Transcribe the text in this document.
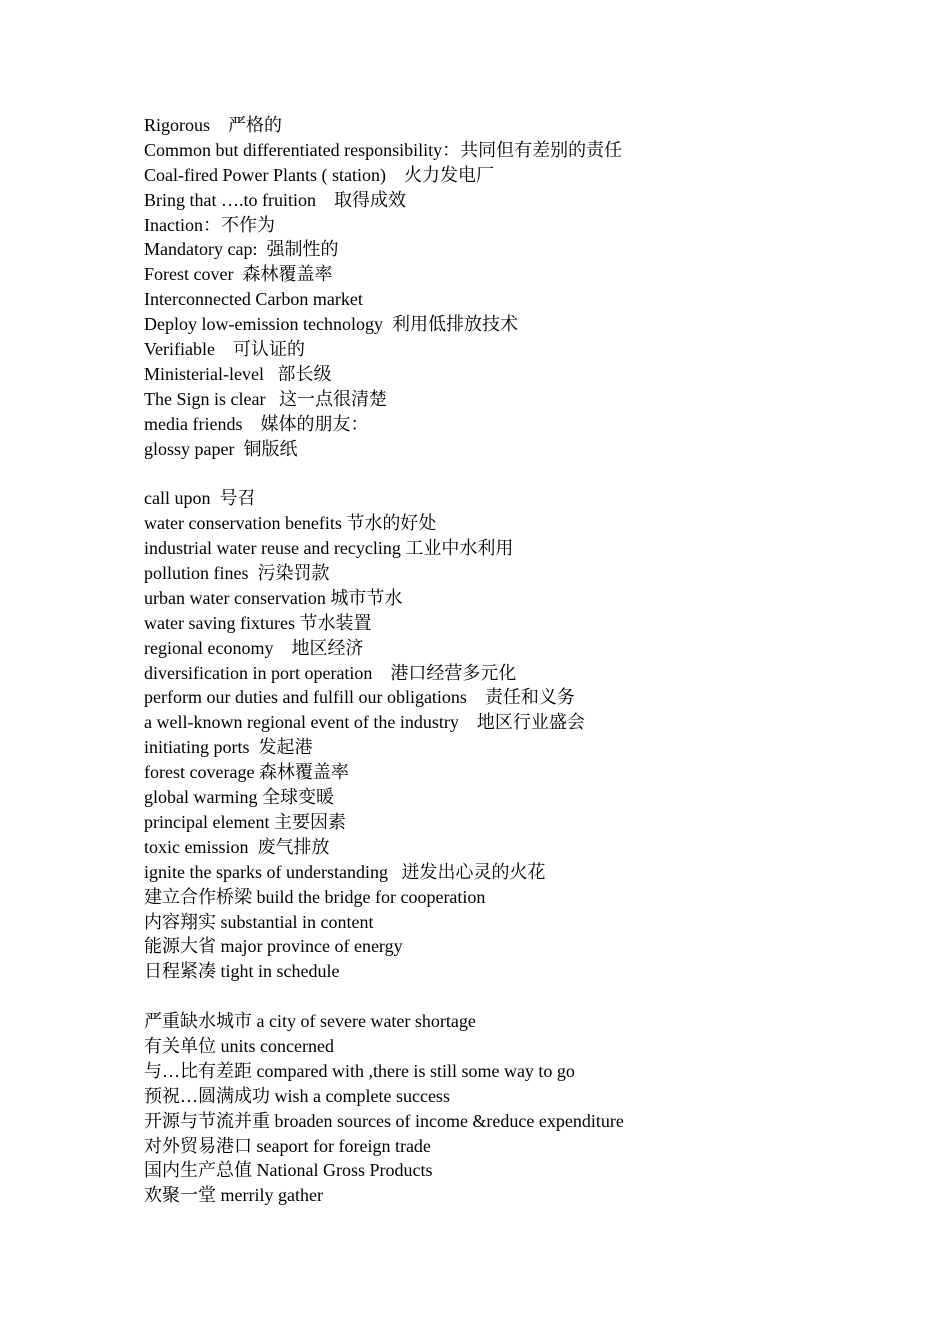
Rigorous    严格的
Common but differentiated responsibility：共同但有差别的责任
Coal-fired Power Plants ( station)    火力发电厂
Bring that ….to fruition    取得成效
Inaction：不作为
Mandatory cap:  强制性的
Forest cover  森林覆盖率
Interconnected Carbon market
Deploy low-emission technology  利用低排放技术
Verifiable    可认证的
Ministerial-level   部长级
The Sign is clear   这一点很清楚
media friends    媒体的朋友：
glossy paper  铜版纸
call upon  号召
water conservation benefits 节水的好处
industrial water reuse and recycling 工业中水利用
pollution fines  污染罚款
urban water conservation 城市节水
water saving fixtures 节水装置
regional economy    地区经济
diversification in port operation    港口经营多元化
perform our duties and fulfill our obligations    责任和义务
a well-known regional event of the industry    地区行业盛会
initiating ports  发起港
forest coverage 森林覆盖率
global warming 全球变暖
principal element 主要因素
toxic emission  废气排放
ignite the sparks of understanding   迸发出心灵的火花
建立合作桥梁 build the bridge for cooperation
内容翔实 substantial in content
能源大省 major province of energy
日程紧凑 tight in schedule
严重缺水城市 a city of severe water shortage
有关单位 units concerned
与…比有差距 compared with ,there is still some way to go
预祝…圆满成功 wish a complete success
开源与节流并重 broaden sources of income &reduce expenditure
对外贸易港口 seaport for foreign trade
国内生产总值 National Gross Products
欢聚一堂 merrily gather
